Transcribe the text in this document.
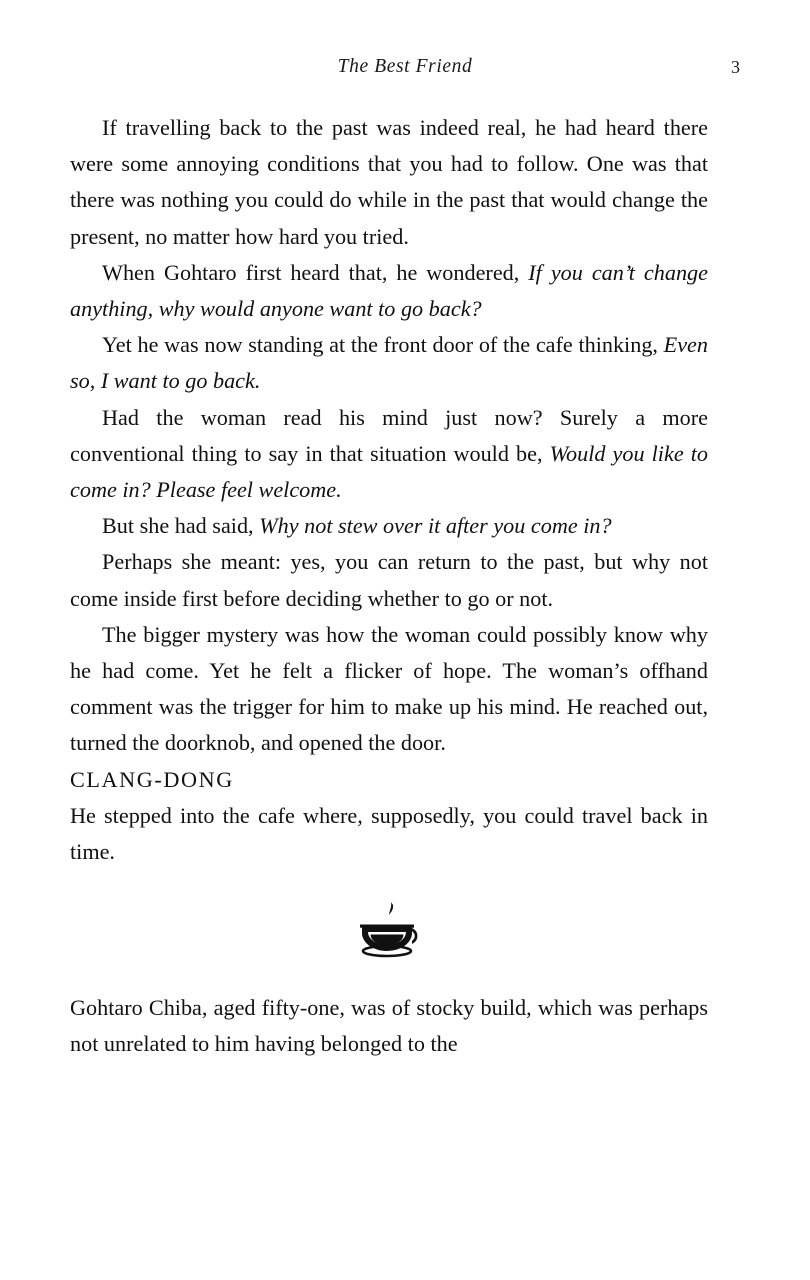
The Best Friend	3

If travelling back to the past was indeed real, he had heard there were some annoying conditions that you had to follow. One was that there was nothing you could do while in the past that would change the present, no matter how hard you tried.

When Gohtaro first heard that, he wondered, If you can’t change anything, why would anyone want to go back?

Yet he was now standing at the front door of the cafe thinking, Even so, I want to go back.

Had the woman read his mind just now? Surely a more conventional thing to say in that situation would be, Would you like to come in? Please feel welcome.

But she had said, Why not stew over it after you come in?

Perhaps she meant: yes, you can return to the past, but why not come inside first before deciding whether to go or not.

The bigger mystery was how the woman could possibly know why he had come. Yet he felt a flicker of hope. The woman’s offhand comment was the trigger for him to make up his mind. He reached out, turned the doorknob, and opened the door.

CLANG-DONG

He stepped into the cafe where, supposedly, you could travel back in time.

Gohtaro Chiba, aged fifty-one, was of stocky build, which was perhaps not unrelated to him having belonged to the
